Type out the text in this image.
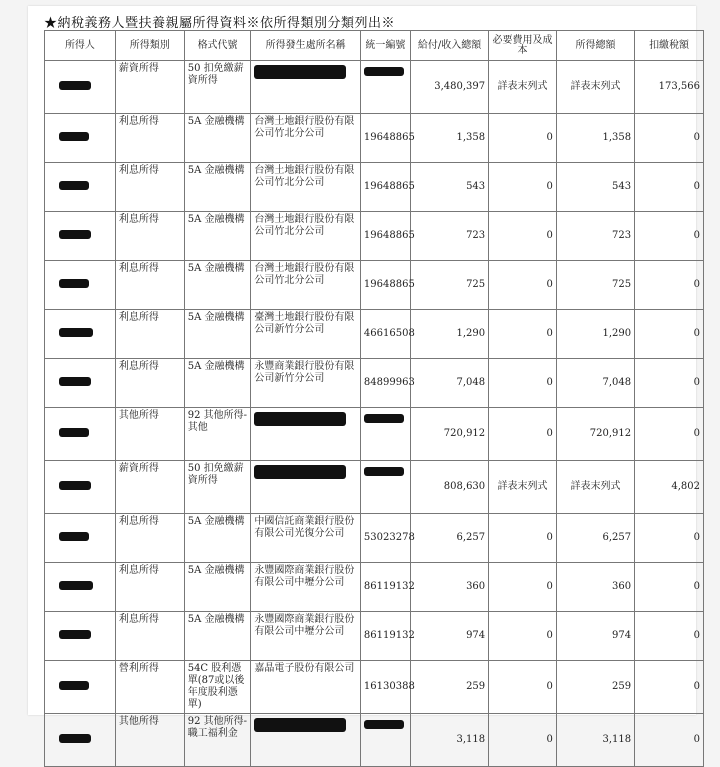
★納稅義務人暨扶養親屬所得資料※依所得類別分類列出※
所得人	所得類別	格式代號	所得發生處所名稱	統一編號	給付/收入總額	必要費用及成本	所得總額	扣繳稅額
	薪資所得	50 扣免繳薪資所得			3,480,397	詳表末列式	詳表末列式	173,566
	利息所得	5A 金融機構	台灣土地銀行股份有限公司竹北分公司	19648865	1,358	0	1,358	0
	利息所得	5A 金融機構	台灣土地銀行股份有限公司竹北分公司	19648865	543	0	543	0
	利息所得	5A 金融機構	台灣土地銀行股份有限公司竹北分公司	19648865	723	0	723	0
	利息所得	5A 金融機構	台灣土地銀行股份有限公司竹北分公司	19648865	725	0	725	0
	利息所得	5A 金融機構	臺灣土地銀行股份有限公司新竹分公司	46616508	1,290	0	1,290	0
	利息所得	5A 金融機構	永豐商業銀行股份有限公司新竹分公司	84899963	7,048	0	7,048	0
	其他所得	92 其他所得-其他			720,912	0	720,912	0
	薪資所得	50 扣免繳薪資所得			808,630	詳表末列式	詳表末列式	4,802
	利息所得	5A 金融機構	中國信託商業銀行股份有限公司光復分公司	53023278	6,257	0	6,257	0
	利息所得	5A 金融機構	永豐國際商業銀行股份有限公司中壢分公司	86119132	360	0	360	0
	利息所得	5A 金融機構	永豐國際商業銀行股份有限公司中壢分公司	86119132	974	0	974	0
	營利所得	54C 股利憑單(87或以後年度股利憑單)	嘉晶電子股份有限公司	16130388	259	0	259	0
	其他所得	92 其他所得-職工福利金			3,118	0	3,118	0
